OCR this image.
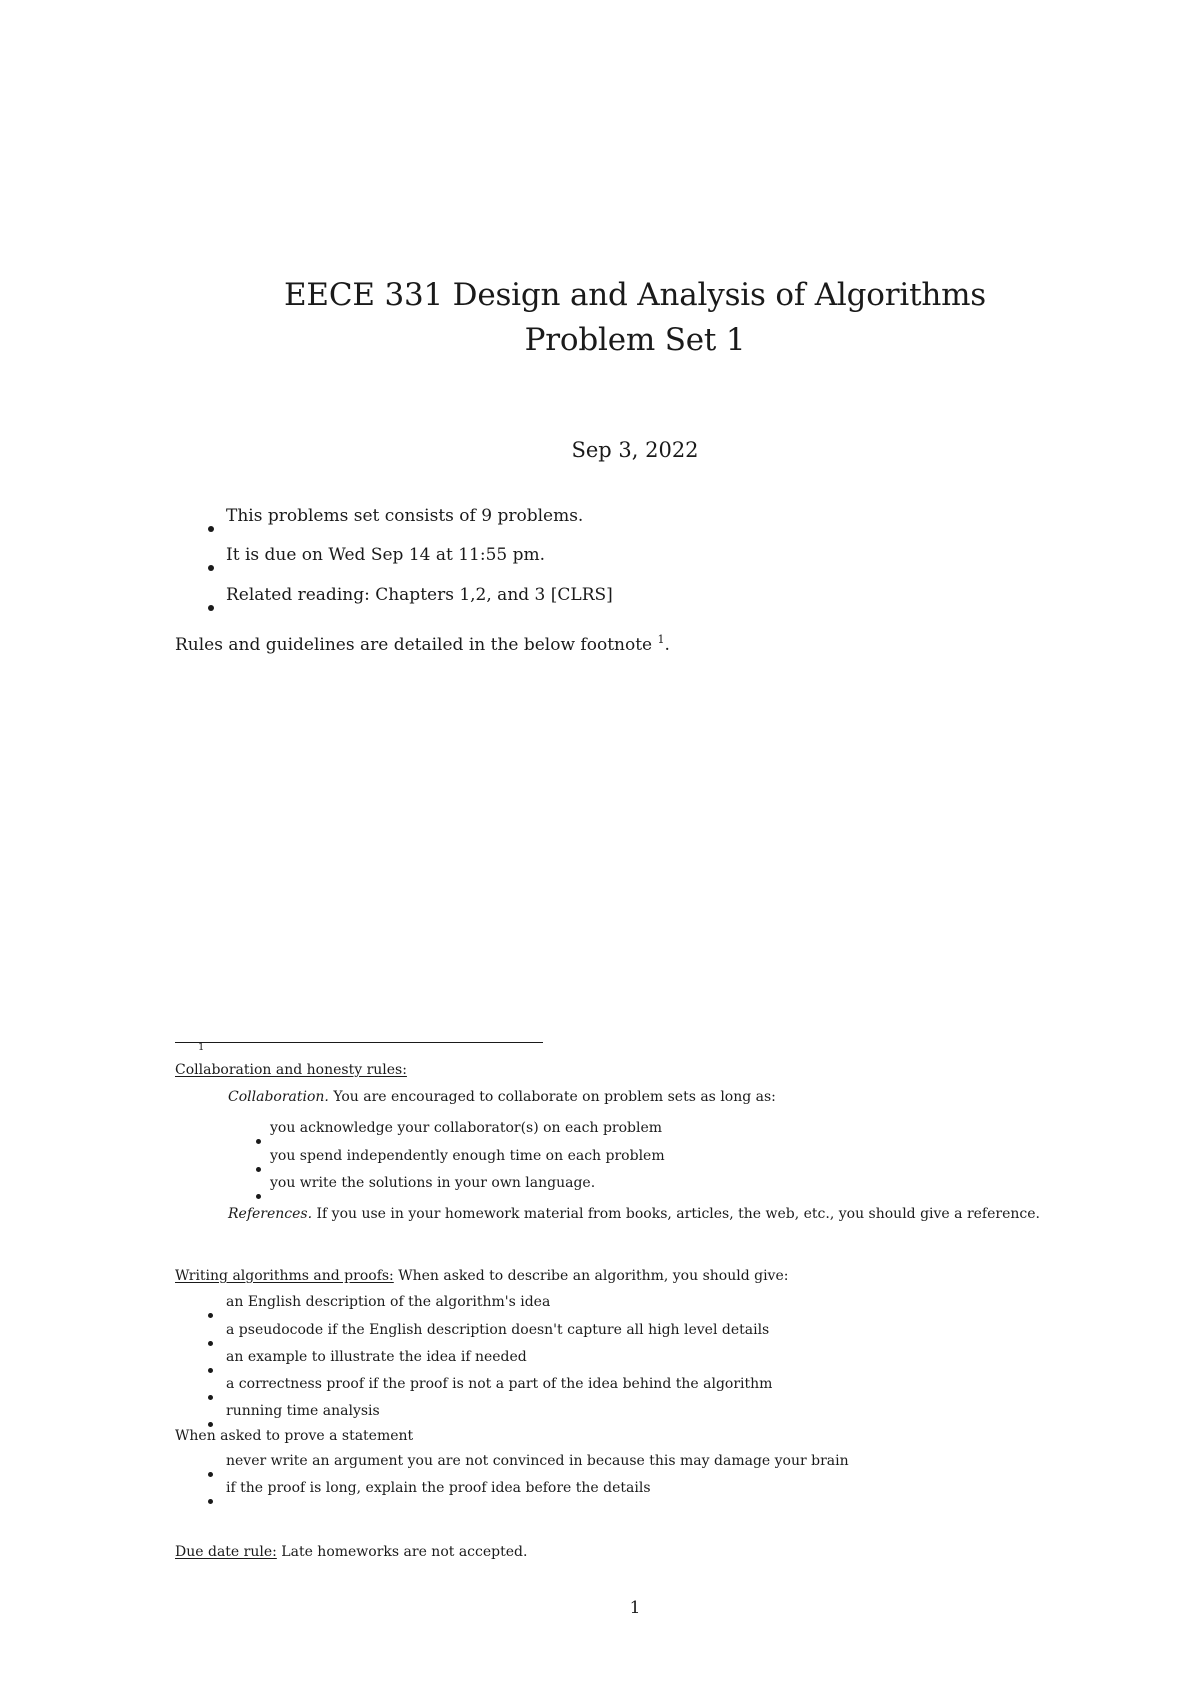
EECE 331 Design and Analysis of Algorithms
Problem Set 1
Sep 3, 2022
This problems set consists of 9 problems.
It is due on Wed Sep 14 at 11:55 pm.
Related reading: Chapters 1,2, and 3 [CLRS]
Rules and guidelines are detailed in the below footnote $^1$.
1
Collaboration and honesty rules:
Collaboration. You are encouraged to collaborate on problem sets as long as:
you acknowledge your collaborator(s) on each problem
you spend independently enough time on each problem
you write the solutions in your own language.
References. If you use in your homework material from books, articles, the web, etc., you should give a reference.
Writing algorithms and proofs: When asked to describe an algorithm, you should give:
an English description of the algorithm's idea
a pseudocode if the English description doesn't capture all high level details
an example to illustrate the idea if needed
a correctness proof if the proof is not a part of the idea behind the algorithm
running time analysis
When asked to prove a statement
never write an argument you are not convinced in because this may damage your brain
if the proof is long, explain the proof idea before the details
Due date rule: Late homeworks are not accepted.
1
